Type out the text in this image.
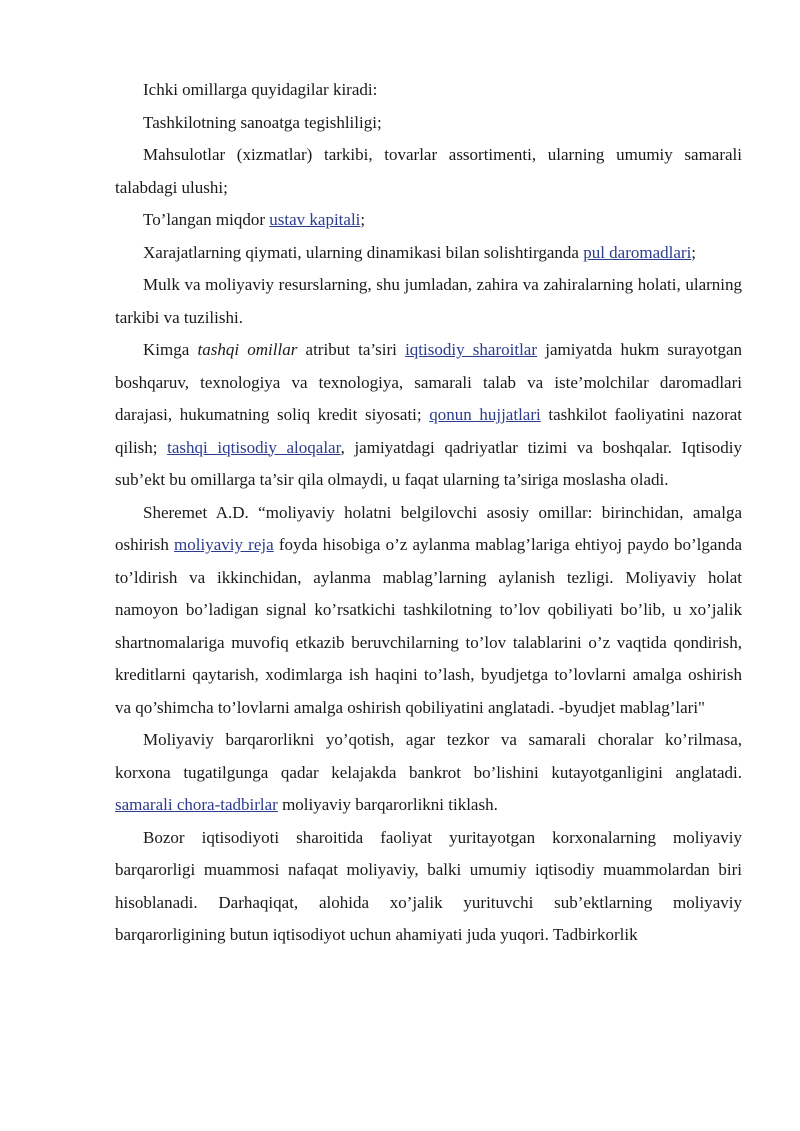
Ichki omillarga quyidagilar kiradi:

Tashkilotning sanoatga tegishliligi;

Mahsulotlar (xizmatlar) tarkibi, tovarlar assortimenti, ularning umumiy samarali talabdagi ulushi;

To’langan miqdor ustav kapitali;

Xarajatlarning qiymati, ularning dinamikasi bilan solishtirganda pul daromadlari;

Mulk va moliyaviy resurslarning, shu jumladan, zahira va zahiralarning holati, ularning tarkibi va tuzilishi.

Kimga tashqi omillar atribut ta’siri iqtisodiy sharoitlar jamiyatda hukm surayotgan boshqaruv, texnologiya va texnologiya, samarali talab va iste’molchilar daromadlari darajasi, hukumatning soliq kredit siyosati; qonun hujjatlari tashkilot faoliyatini nazorat qilish; tashqi iqtisodiy aloqalar, jamiyatdagi qadriyatlar tizimi va boshqalar. Iqtisodiy sub’ekt bu omillarga ta’sir qila olmaydi, u faqat ularning ta’siriga moslasha oladi.

Sheremet A.D. “moliyaviy holatni belgilovchi asosiy omillar: birinchidan, amalga oshirish moliyaviy reja foyda hisobiga o’z aylanma mablag’lariga ehtiyoj paydo bo’lganda to’ldirish va ikkinchidan, aylanma mablag’larning aylanish tezligi. Moliyaviy holat namoyon bo’ladigan signal ko’rsatkichi tashkilotning to’lov qobiliyati bo’lib, u xo’jalik shartnomalariga muvofiq etkazib beruvchilarning to’lov talablarini o’z vaqtida qondirish, kreditlarni qaytarish, xodimlarga ish haqini to’lash, byudjetga to’lovlarni amalga oshirish va qo’shimcha to’lovlarni amalga oshirish qobiliyatini anglatadi. -byudjet mablag’lari"

Moliyaviy barqarorlikni yo’qotish, agar tezkor va samarali choralar ko’rilmasa, korxona tugatilgunga qadar kelajakda bankrot bo’lishini kutayotganligini anglatadi. samarali chora-tadbirlar moliyaviy barqarorlikni tiklash.

Bozor iqtisodiyoti sharoitida faoliyat yuritayotgan korxonalarning moliyaviy barqarorligi muammosi nafaqat moliyaviy, balki umumiy iqtisodiy muammolardan biri hisoblanadi. Darhaqiqat, alohida xo’jalik yurituvchi sub’ektlarning moliyaviy barqarorligining butun iqtisodiyot uchun ahamiyati juda yuqori. Tadbirkorlik
